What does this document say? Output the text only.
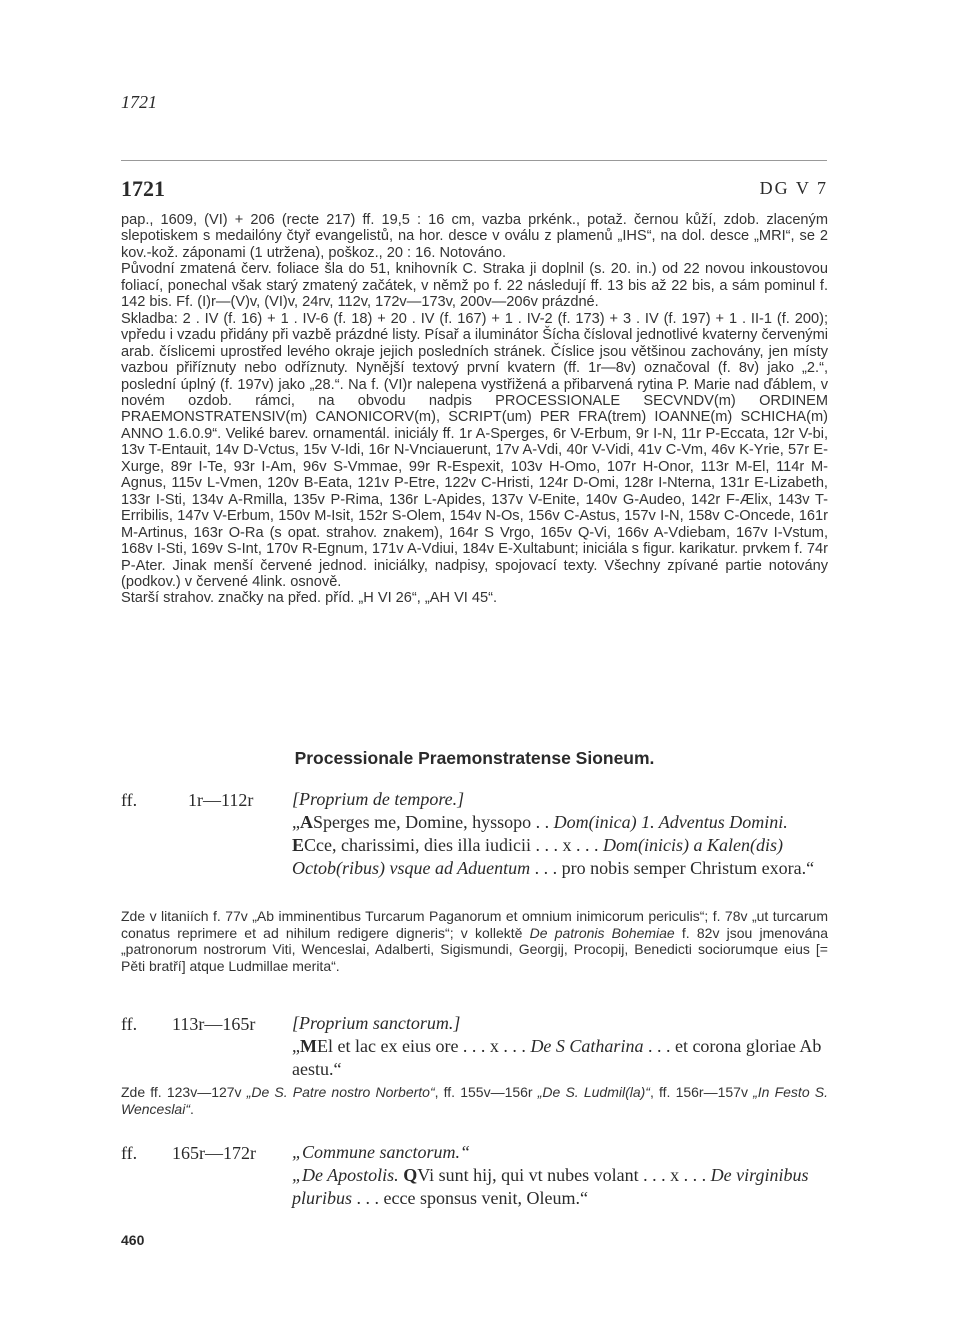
1721
1721	DG V 7

pap., 1609, (VI) + 206 (recte 217) ff. 19,5 : 16 cm, vazba prkénk., potaž. černou kůží, zdob. zlaceným slepotiskem s medailóny čtyř evangelistů, na hor. desce v oválu z plamenů „IHS“, na dol. desce „MRI“, se 2 kov.-kož. záponami (1 utržena), poškoz., 20 : 16. Notováno.

Původní zmatená červ. foliace šla do 51, knihovník C. Straka ji doplnil (s. 20. in.) od 22 novou inkoustovou foliací, ponechal však starý zmatený začátek, v němž po f. 22 následují ff. 13 bis až 22 bis, a sám pominul f. 142 bis. Ff. (I)r—(V)v, (VI)v, 24rv, 112v, 172v—173v, 200v—206v prázdné.

Skladba: 2 . IV (f. 16) + 1 . IV-6 (f. 18) + 20 . IV (f. 167) + 1 . IV-2 (f. 173) + 3 . IV (f. 197) + 1 . II-1 (f. 200); vpředu i vzadu přidány při vazbě prázdné listy. Písař a iluminátor Šícha čísloval jednotlivé kvaterny červenými arab. číslicemi uprostřed levého okraje jejich posledních stránek. Číslice jsou většinou zachovány, jen místy vazbou přiříznuty nebo odříznuty. Nynější textový první kvatern (ff. 1r—8v) označoval (f. 8v) jako „2.“, poslední úplný (f. 197v) jako „28.“. Na f. (VI)r nalepena vystřižená a přibarvená rytina P. Marie nad ďáblem, v novém ozdob. rámci, na obvodu nadpis PROCESSIONALE SECVNDV(m) ORDINEM PRAEMONSTRATENSIV(m) CANONICORV(m), SCRIPT(um) PER FRA(trem) IOANNE(m) SCHICHA(m) ANNO 1.6.0.9“. Veliké barev. ornamentál. iniciály ff. 1r A-Sperges, 6r V-Erbum, 9r I-N, 11r P-Eccata, 12r V-bi, 13v T-Entauit, 14v D-Vctus, 15v V-Idi, 16r N-Vnciauerunt, 17v A-Vdi, 40r V-Vidi, 41v C-Vm, 46v K-Yrie, 57r E-Xurge, 89r I-Te, 93r I-Am, 96v S-Vmmae, 99r R-Espexit, 103v H-Omo, 107r H-Onor, 113r M-El, 114r M-Agnus, 115v L-Vmen, 120v B-Eata, 121v P-Etre, 122v C-Hristi, 124r D-Omi, 128r I-Nterna, 131r E-Lizabeth, 133r I-Sti, 134v A-Rmilla, 135v P-Rima, 136r L-Apides, 137v V-Enite, 140v G-Audeo, 142r F-Ælix, 143v T-Erribilis, 147v V-Erbum, 150v M-Isit, 152r S-Olem, 154v N-Os, 156v C-Astus, 157v I-N, 158v C-Oncede, 161r M-Artinus, 163r O-Ra (s opat. strahov. znakem), 164r S Vrgo, 165v Q-Vi, 166v A-Vdiebam, 167v I-Vstum, 168v I-Sti, 169v S-Int, 170v R-Egnum, 171v A-Vdiui, 184v E-Xultabunt; iniciála s figur. karikatur. prvkem f. 74r P-Ater. Jinak menší červené jednod. iniciálky, nadpisy, spojovací texty. Všechny zpívané partie notovány (podkov.) v červené 4link. osnově.

Starší strahov. značky na před. příd. „H VI 26“, „AH VI 45“.

Processionale Praemonstratense Sioneum.
ff.	1r—112r [Proprium de tempore.]
„ASperges me, Domine, hyssopo . . Dom(inica) 1. Adventus Domini. ECce, charissimi, dies illa iudicii . . . x . . . Dom(inicis) a Kalen(dis) Octob(ribus) vsque ad Aduentum . . . pro nobis semper Christum exora.“
Zde v litaniích f. 77v „Ab imminentibus Turcarum Paganorum et omnium inimicorum periculis“; f. 78v „ut turcarum conatus reprimere et ad nihilum redigere digneris“; v kollektě De patronis Bohemiae f. 82v jsou jmenována „patronorum nostrorum Viti, Wenceslai, Adalberti, Sigismundi, Georgij, Procopij, Benedicti sociorumque eius [= Pěti bratří] atque Ludmillae merita“.
ff. 113r—165r [Proprium sanctorum.]
„MEl et lac ex eius ore . . . x . . . De S Catharina . . . et corona gloriae Ab aestu.“
Zde ff. 123v—127v „De S. Patre nostro Norberto“, ff. 155v—156r „De S. Ludmil(la)“, ff. 156r—157v „In Festo S. Wenceslai“.
ff. 165r—172r „Commune sanctorum.“
„De Apostolis. QVi sunt hij, qui vt nubes volant . . . x . . . De virginibus pluribus . . . ecce sponsus venit, Oleum.“
460
